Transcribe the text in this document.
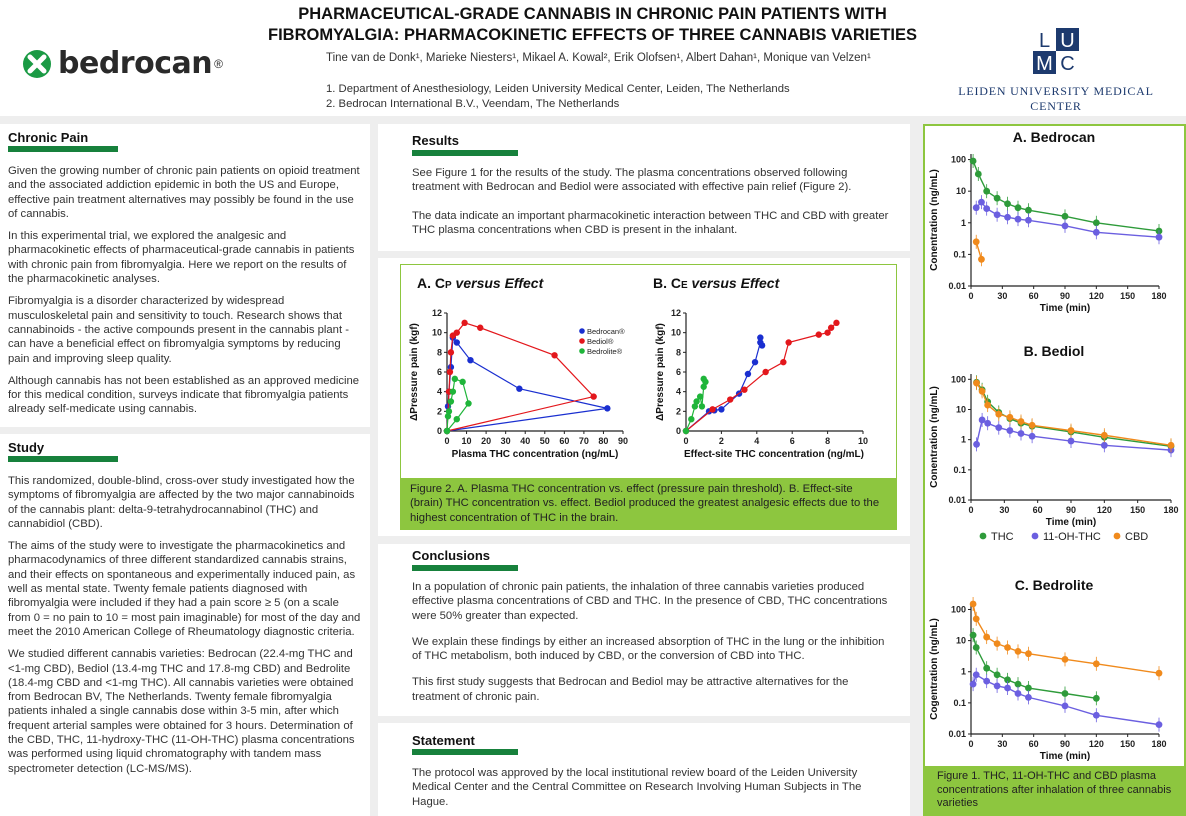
bedrocan ®
PHARMACEUTICAL-GRADE CANNABIS IN CHRONIC PAIN PATIENTS WITH
FIBROMYALGIA: PHARMACOKINETIC EFFECTS OF THREE CANNABIS VARIETIES
Tine van de Donk¹, Marieke Niesters¹, Mikael A. Kowal², Erik Olofsen¹, Albert Dahan¹, Monique van Velzen¹
1. Department of Anesthesiology, Leiden University Medical Center, Leiden, The Netherlands
2. Bedrocan International B.V., Veendam, The Netherlands
L U
M C
LEIDEN UNIVERSITY MEDICAL CENTER
Chronic Pain

Given the growing number of chronic pain patients on opioid treatment and the associated addiction epidemic in both the US and Europe, effective pain treatment alternatives may possibly be found in the use of cannabis.

In this experimental trial, we explored the analgesic and pharmacokinetic effects of pharmaceutical-grade cannabis in patients with chronic pain from fibromyalgia. Here we report on the results of the pharmacokinetic analyses.

Fibromyalgia is a disorder characterized by widespread musculoskeletal pain and sensitivity to touch. Research shows that cannabinoids - the active compounds present in the cannabis plant - can have a beneficial effect on fibromyalgia symptoms by reducing pain and improving sleep quality.

Although cannabis has not been established as an approved medicine for this medical condition, surveys indicate that fibromyalgia patients already self-medicate using cannabis.

Study

This randomized, double-blind, cross-over study investigated how the symptoms of fibromyalgia are affected by the two major cannabinoids of the cannabis plant: delta-9-tetrahydrocannabinol (THC) and cannabidiol (CBD).

The aims of the study were to investigate the pharmacokinetics and pharmacodynamics of three different standardized cannabis strains, and their effects on spontaneous and experimentally induced pain, as well as mental state. Twenty female patients diagnosed with fibromyalgia were included if they had a pain score ≥ 5 (on a scale from 0 = no pain to 10 = most pain imaginable) for most of the day and meet the 2010 American College of Rheumatology diagnostic criteria.

We studied different cannabis varieties: Bedrocan (22.4-mg THC and <1-mg CBD), Bediol (13.4-mg THC and 17.8-mg CBD) and Bedrolite (18.4-mg CBD and <1-mg THC). All cannabis varieties were obtained from Bedrocan BV, The Netherlands. Twenty female fibromyalgia patients inhaled a single cannabis dose within 3-5 min, after which frequent arterial samples were obtained for 3 hours. Determination of the CBD, THC, 11-hydroxy-THC (11-OH-THC) plasma concentrations was performed using liquid chromatography with tandem mass spectrometer detection (LC-MS/MS).

Results

See Figure 1 for the results of the study. The plasma concentrations observed following treatment with Bedrocan and Bediol were associated with effective pain relief (Figure 2).

The data indicate an important pharmacokinetic interaction between THC and CBD with greater THC plasma concentrations when CBD is present in the inhalant.

A. CP versus Effect	B. CE versus Effect
0
2
4
6
8
10
12
0 10 20 30 40 50 60 70 80 90
Plasma THC concentration (ng/mL)
ΔPressure pain (kgf)	Bedrocan®
Bediol®
Bedrolite®
0
2
4
6
8
10
12
0	2	4	6	8	10
Effect-site THC concentration (ng/mL)
ΔPressure pain (kgf)
Figure 2. A. Plasma THC concentration vs. effect (pressure pain threshold). B. Effect-site (brain) THC concentration vs. effect. Bediol produced the greatest analgesic effects due to the highest concentration of THC in the brain.
Conclusions

In a population of chronic pain patients, the inhalation of three cannabis varieties produced effective plasma concentrations of CBD and THC. In the presence of CBD, THC concentrations were 50% greater than expected.

We explain these findings by either an increased absorption of THC in the lung or the inhibition of THC metabolism, both induced by CBD, or the conversion of CBD into THC.

This first study suggests that Bedrocan and Bediol may be attractive alternatives for the treatment of chronic pain.

Statement
The protocol was approved by the local institutional review board of the Leiden University Medical Center and the Central Committee on Research Involving Human Subjects in The Hague.
A. Bedrocan
0.01
0.1
1
10
100
0	30 60 90 120 150 180
Time (min)
Conentration (ng/mL)
B. Bediol
0.01
0.1
1
10
100
0	30	60	90 120 150 180
Time (min)
Conentration (ng/mL)
C. Bedrolite
0.01
0.1
1
10
100
0	30 60 90 120 150 180
Time (min)
Cogentration (ng/mL)
THC	11-OH-THC CBD
Figure 1. THC, 11-OH-THC and CBD plasma concentrations after inhalation of three cannabis varieties
